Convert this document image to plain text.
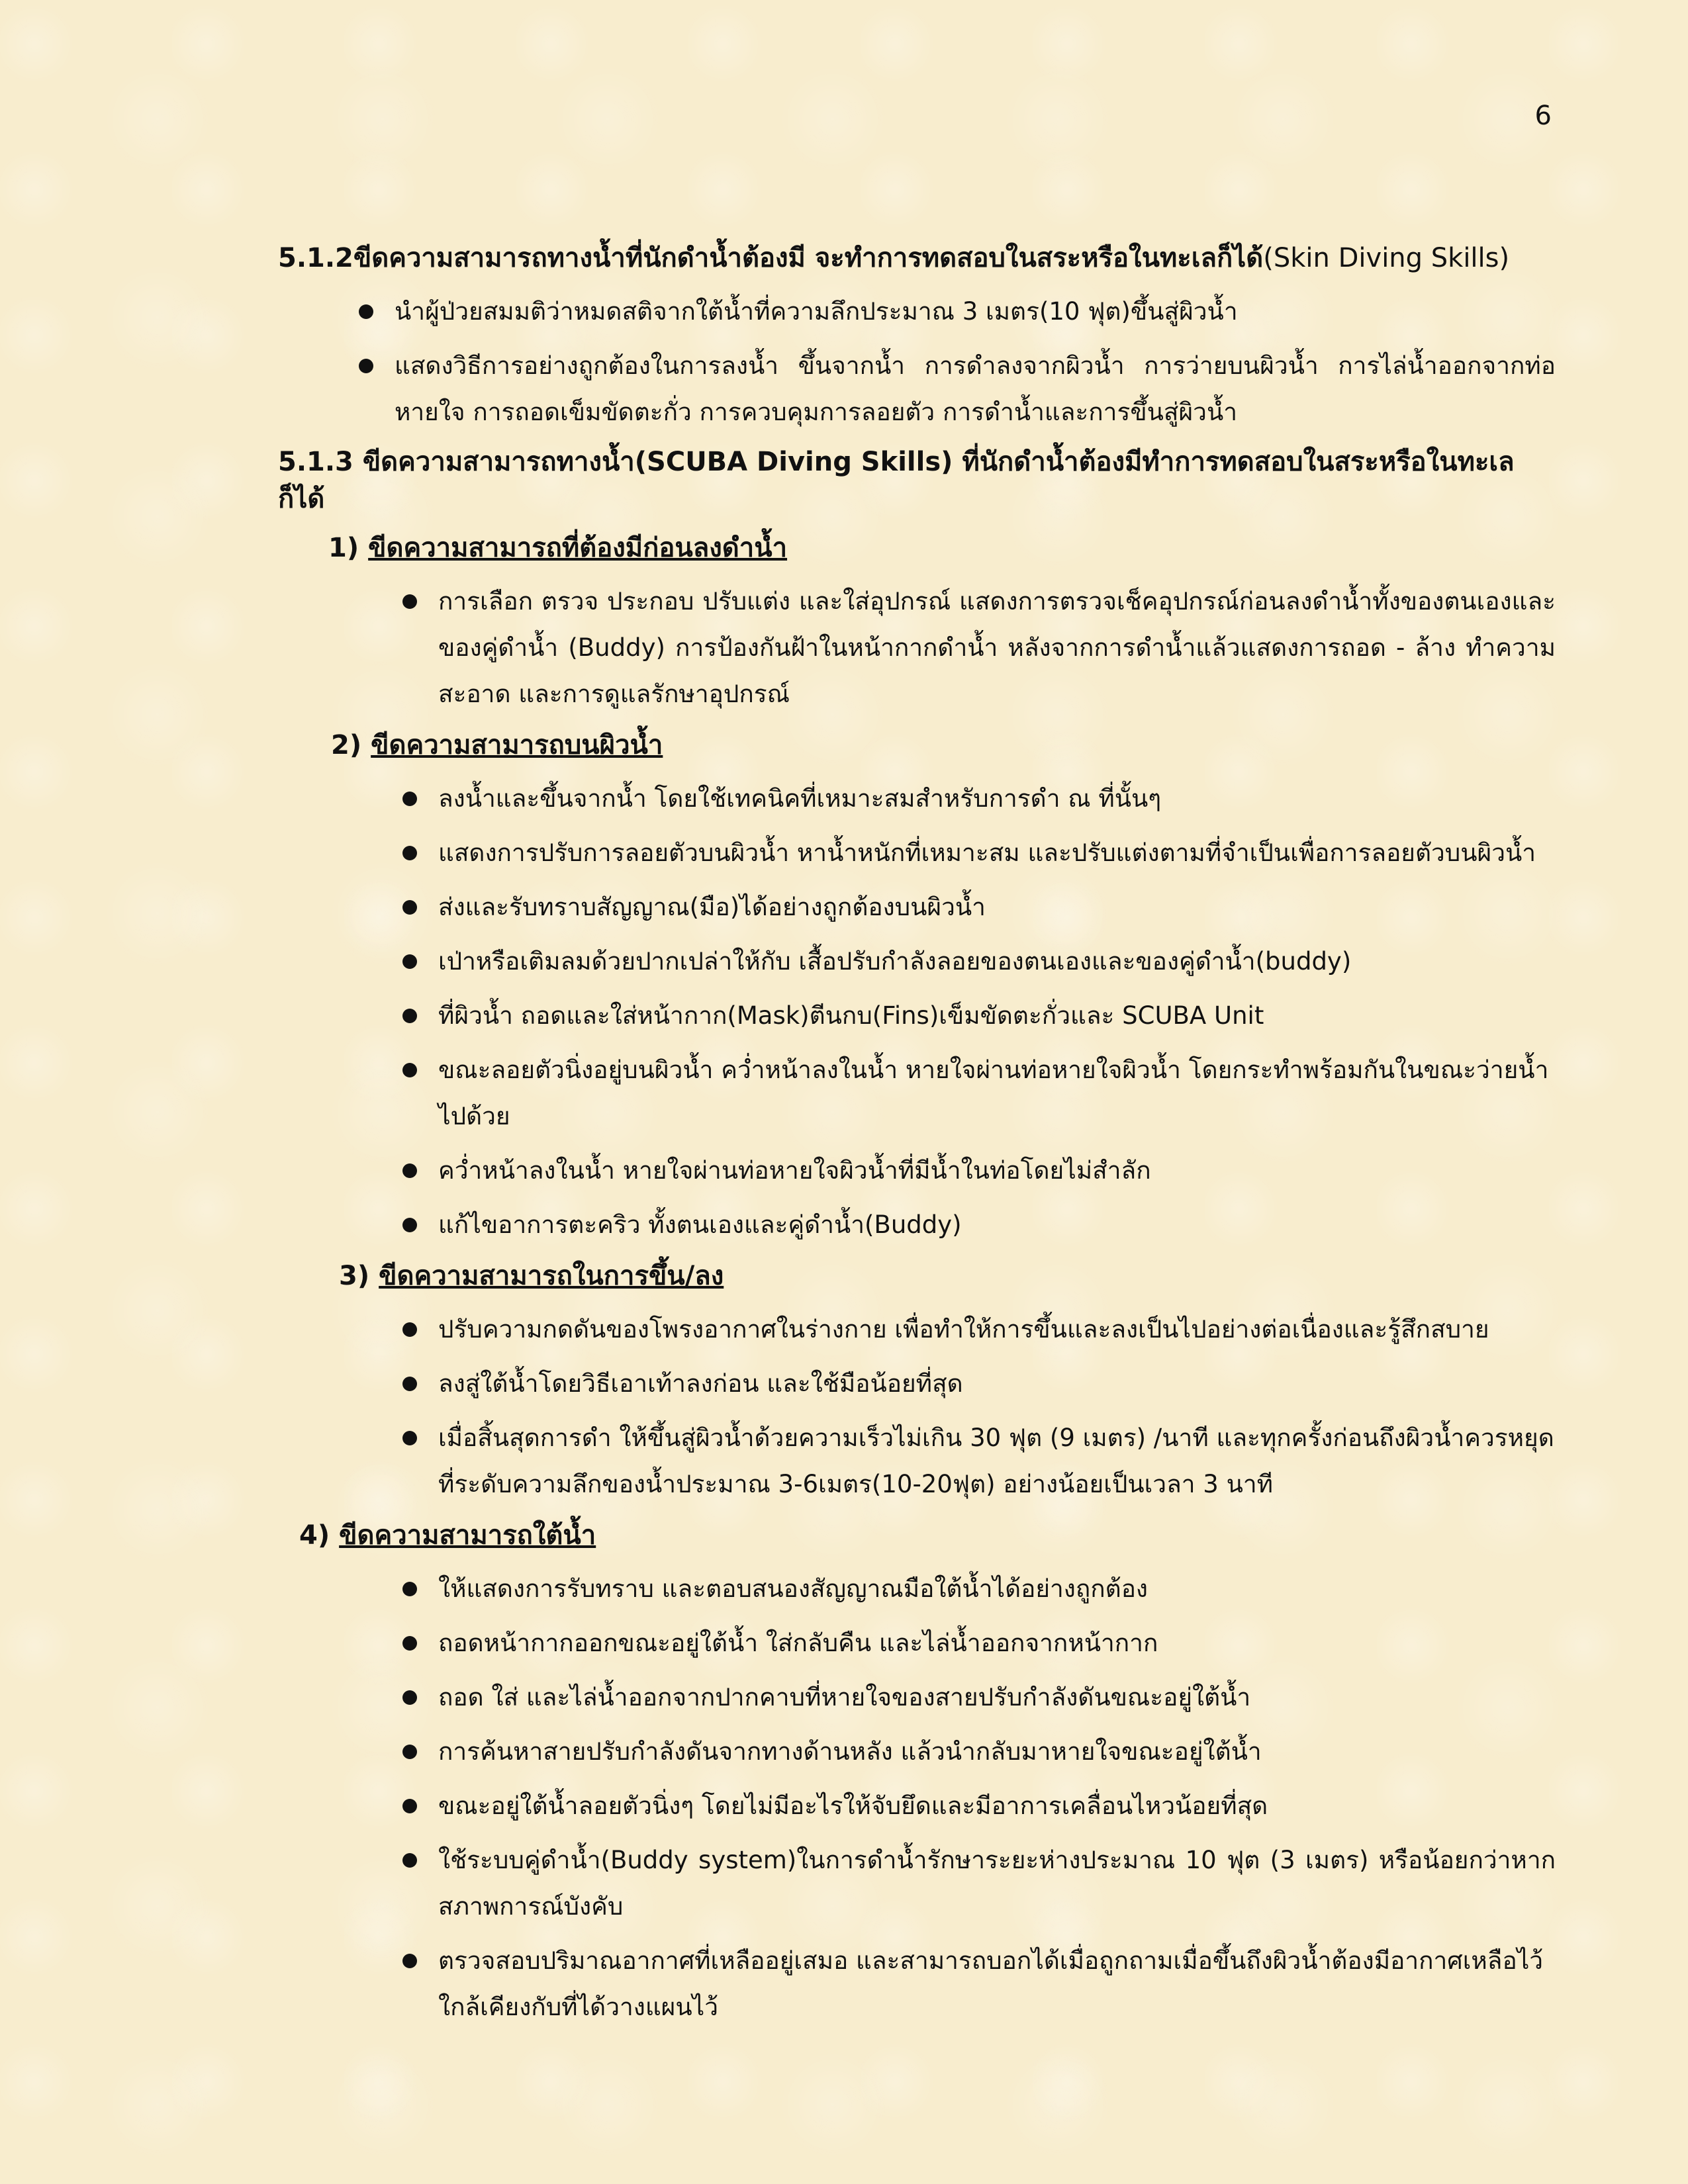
6
5.1.2ขีดความสามารถทางน้ำที่นักดำน้ำต้องมี จะทำการทดสอบในสระหรือในทะเลก็ได้(Skin Diving Skills)
นำผู้ป่วยสมมติว่าหมดสติจากใต้น้ำที่ความลึกประมาณ 3 เมตร(10 ฟุต)ขึ้นสู่ผิวน้ำ
แสดงวิธีการอย่างถูกต้องในการลงน้ำ ขึ้นจากน้ำ การดำลงจากผิวน้ำ การว่ายบนผิวน้ำ การไล่น้ำออกจากท่อหายใจ การถอดเข็มขัดตะกั่ว การควบคุมการลอยตัว การดำน้ำและการขึ้นสู่ผิวน้ำ
5.1.3 ขีดความสามารถทางน้ำ(SCUBA Diving Skills) ที่นักดำน้ำต้องมีทำการทดสอบในสระหรือในทะเลก็ได้
1) ขีดความสามารถที่ต้องมีก่อนลงดำน้ำ
การเลือก ตรวจ ประกอบ ปรับแต่ง และใส่อุปกรณ์ แสดงการตรวจเช็คอุปกรณ์ก่อนลงดำน้ำทั้งของตนเองและของคู่ดำน้ำ (Buddy) การป้องกันฝ้าในหน้ากากดำน้ำ หลังจากการดำน้ำแล้วแสดงการถอด - ล้าง ทำความสะอาด และการดูแลรักษาอุปกรณ์
2) ขีดความสามารถบนผิวน้ำ
ลงน้ำและขึ้นจากน้ำ โดยใช้เทคนิคที่เหมาะสมสำหรับการดำ ณ ที่นั้นๆ
แสดงการปรับการลอยตัวบนผิวน้ำ หาน้ำหนักที่เหมาะสม และปรับแต่งตามที่จำเป็นเพื่อการลอยตัวบนผิวน้ำ
ส่งและรับทราบสัญญาณ(มือ)ได้อย่างถูกต้องบนผิวน้ำ
เป่าหรือเติมลมด้วยปากเปล่าให้กับ เสื้อปรับกำลังลอยของตนเองและของคู่ดำน้ำ(buddy)
ที่ผิวน้ำ ถอดและใส่หน้ากาก(Mask)ตีนกบ(Fins)เข็มขัดตะกั่วและ SCUBA Unit
ขณะลอยตัวนิ่งอยู่บนผิวน้ำ คว่ำหน้าลงในน้ำ หายใจผ่านท่อหายใจผิวน้ำ โดยกระทำพร้อมกันในขณะว่ายน้ำไปด้วย
คว่ำหน้าลงในน้ำ หายใจผ่านท่อหายใจผิวน้ำที่มีน้ำในท่อโดยไม่สำลัก
แก้ไขอาการตะคริว ทั้งตนเองและคู่ดำน้ำ(Buddy)
3) ขีดความสามารถในการขึ้น/ลง
ปรับความกดดันของโพรงอากาศในร่างกาย เพื่อทำให้การขึ้นและลงเป็นไปอย่างต่อเนื่องและรู้สึกสบาย
ลงสู่ใต้น้ำโดยวิธีเอาเท้าลงก่อน และใช้มือน้อยที่สุด
เมื่อสิ้นสุดการดำ ให้ขึ้นสู่ผิวน้ำด้วยความเร็วไม่เกิน 30 ฟุต (9 เมตร) /นาที และทุกครั้งก่อนถึงผิวน้ำควรหยุดที่ระดับความลึกของน้ำประมาณ 3-6เมตร(10-20ฟุต) อย่างน้อยเป็นเวลา 3 นาที
4) ขีดความสามารถใต้น้ำ
ให้แสดงการรับทราบ และตอบสนองสัญญาณมือใต้น้ำได้อย่างถูกต้อง
ถอดหน้ากากออกขณะอยู่ใต้น้ำ ใส่กลับคืน และไล่น้ำออกจากหน้ากาก
ถอด ใส่ และไล่น้ำออกจากปากคาบที่หายใจของสายปรับกำลังดันขณะอยู่ใต้น้ำ
การค้นหาสายปรับกำลังดันจากทางด้านหลัง แล้วนำกลับมาหายใจขณะอยู่ใต้น้ำ
ขณะอยู่ใต้น้ำลอยตัวนิ่งๆ โดยไม่มีอะไรให้จับยึดและมีอาการเคลื่อนไหวน้อยที่สุด
ใช้ระบบคู่ดำน้ำ(Buddy system)ในการดำน้ำรักษาระยะห่างประมาณ 10 ฟุต (3 เมตร) หรือน้อยกว่าหากสภาพการณ์บังคับ
ตรวจสอบปริมาณอากาศที่เหลืออยู่เสมอ และสามารถบอกได้เมื่อถูกถามเมื่อขึ้นถึงผิวน้ำต้องมีอากาศเหลือไว้ใกล้เคียงกับที่ได้วางแผนไว้
